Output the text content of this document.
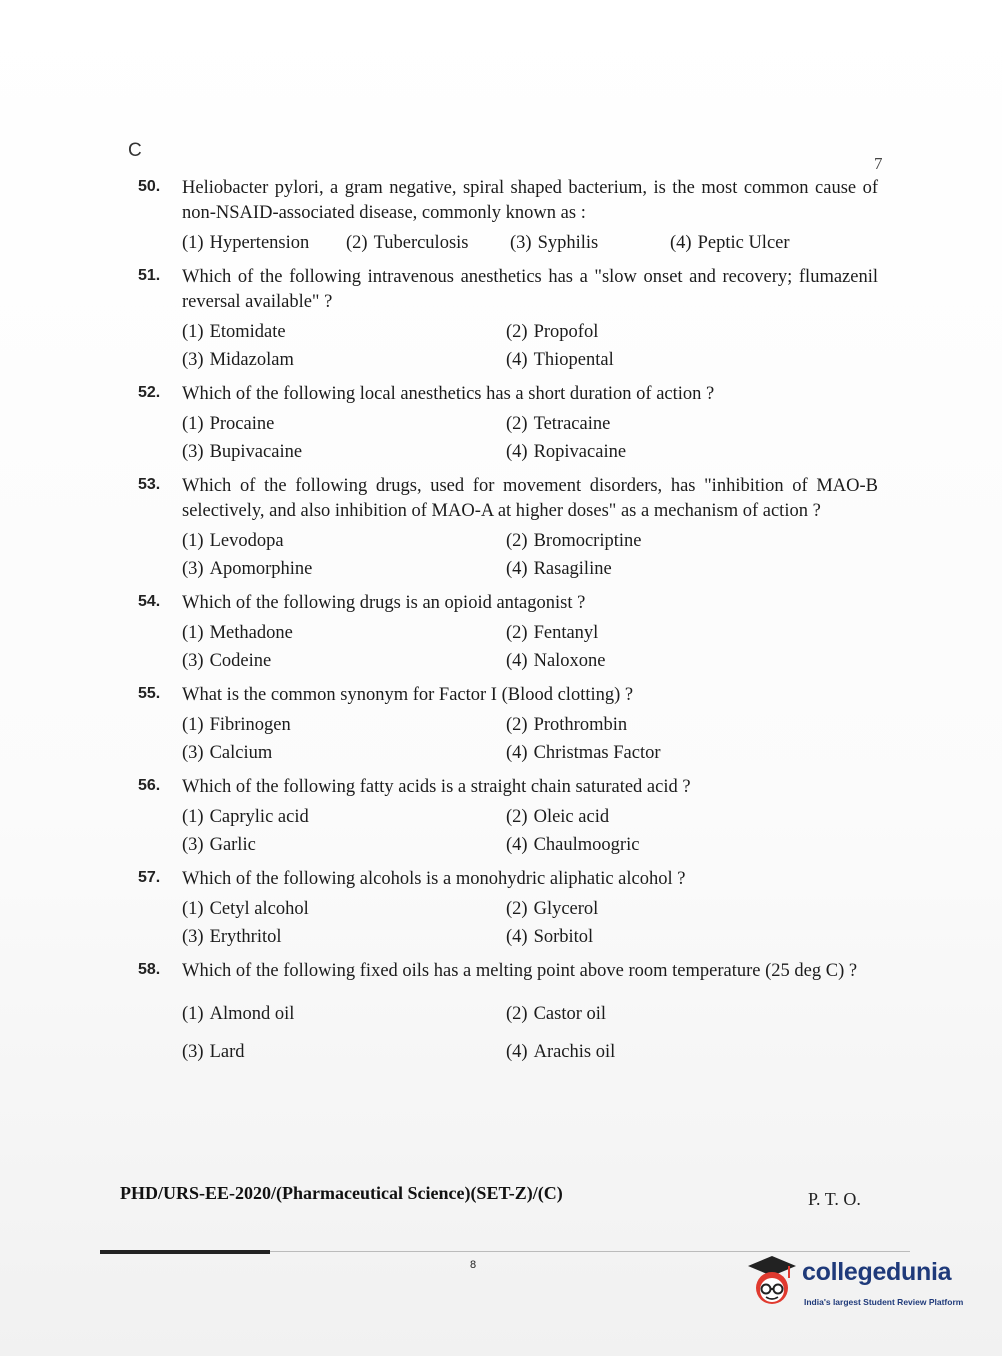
C
7
50.	Heliobacter pylori, a gram negative, spiral shaped bacterium, is the most common cause of non-NSAID-associated disease, commonly known as :
(1) Hypertension	(2) Tuberculosis	(3) Syphilis	(4) Peptic Ulcer
51.	Which of the following intravenous anesthetics has a "slow onset and recovery; flumazenil reversal available" ?
(1) Etomidate	(2) Propofol
(3) Midazolam	(4) Thiopental
52.	Which of the following local anesthetics has a short duration of action ?
(1) Procaine	(2) Tetracaine
(3) Bupivacaine	(4) Ropivacaine
53.	Which of the following drugs, used for movement disorders, has "inhibition of MAO-B selectively, and also inhibition of MAO-A at higher doses" as a mechanism of action ?
(1) Levodopa	(2) Bromocriptine
(3) Apomorphine	(4) Rasagiline
54.	Which of the following drugs is an opioid antagonist ?
(1) Methadone	(2) Fentanyl
(3) Codeine	(4) Naloxone
55.	What is the common synonym for Factor I (Blood clotting) ?
(1) Fibrinogen	(2) Prothrombin
(3) Calcium	(4) Christmas Factor
56.	Which of the following fatty acids is a straight chain saturated acid ?
(1) Caprylic acid	(2) Oleic acid
(3) Garlic	(4) Chaulmoogric
57.	Which of the following alcohols is a monohydric aliphatic alcohol ?
(1) Cetyl alcohol	(2) Glycerol
(3) Erythritol	(4) Sorbitol
58.	Which of the following fixed oils has a melting point above room temperature (25 deg C) ?
(1) Almond oil	(2) Castor oil
(3) Lard	(4) Arachis oil
PHD/URS-EE-2020/(Pharmaceutical Science)(SET-Z)/(C)	P. T. O.
8	collegedunia
India's largest Student Review Platform
